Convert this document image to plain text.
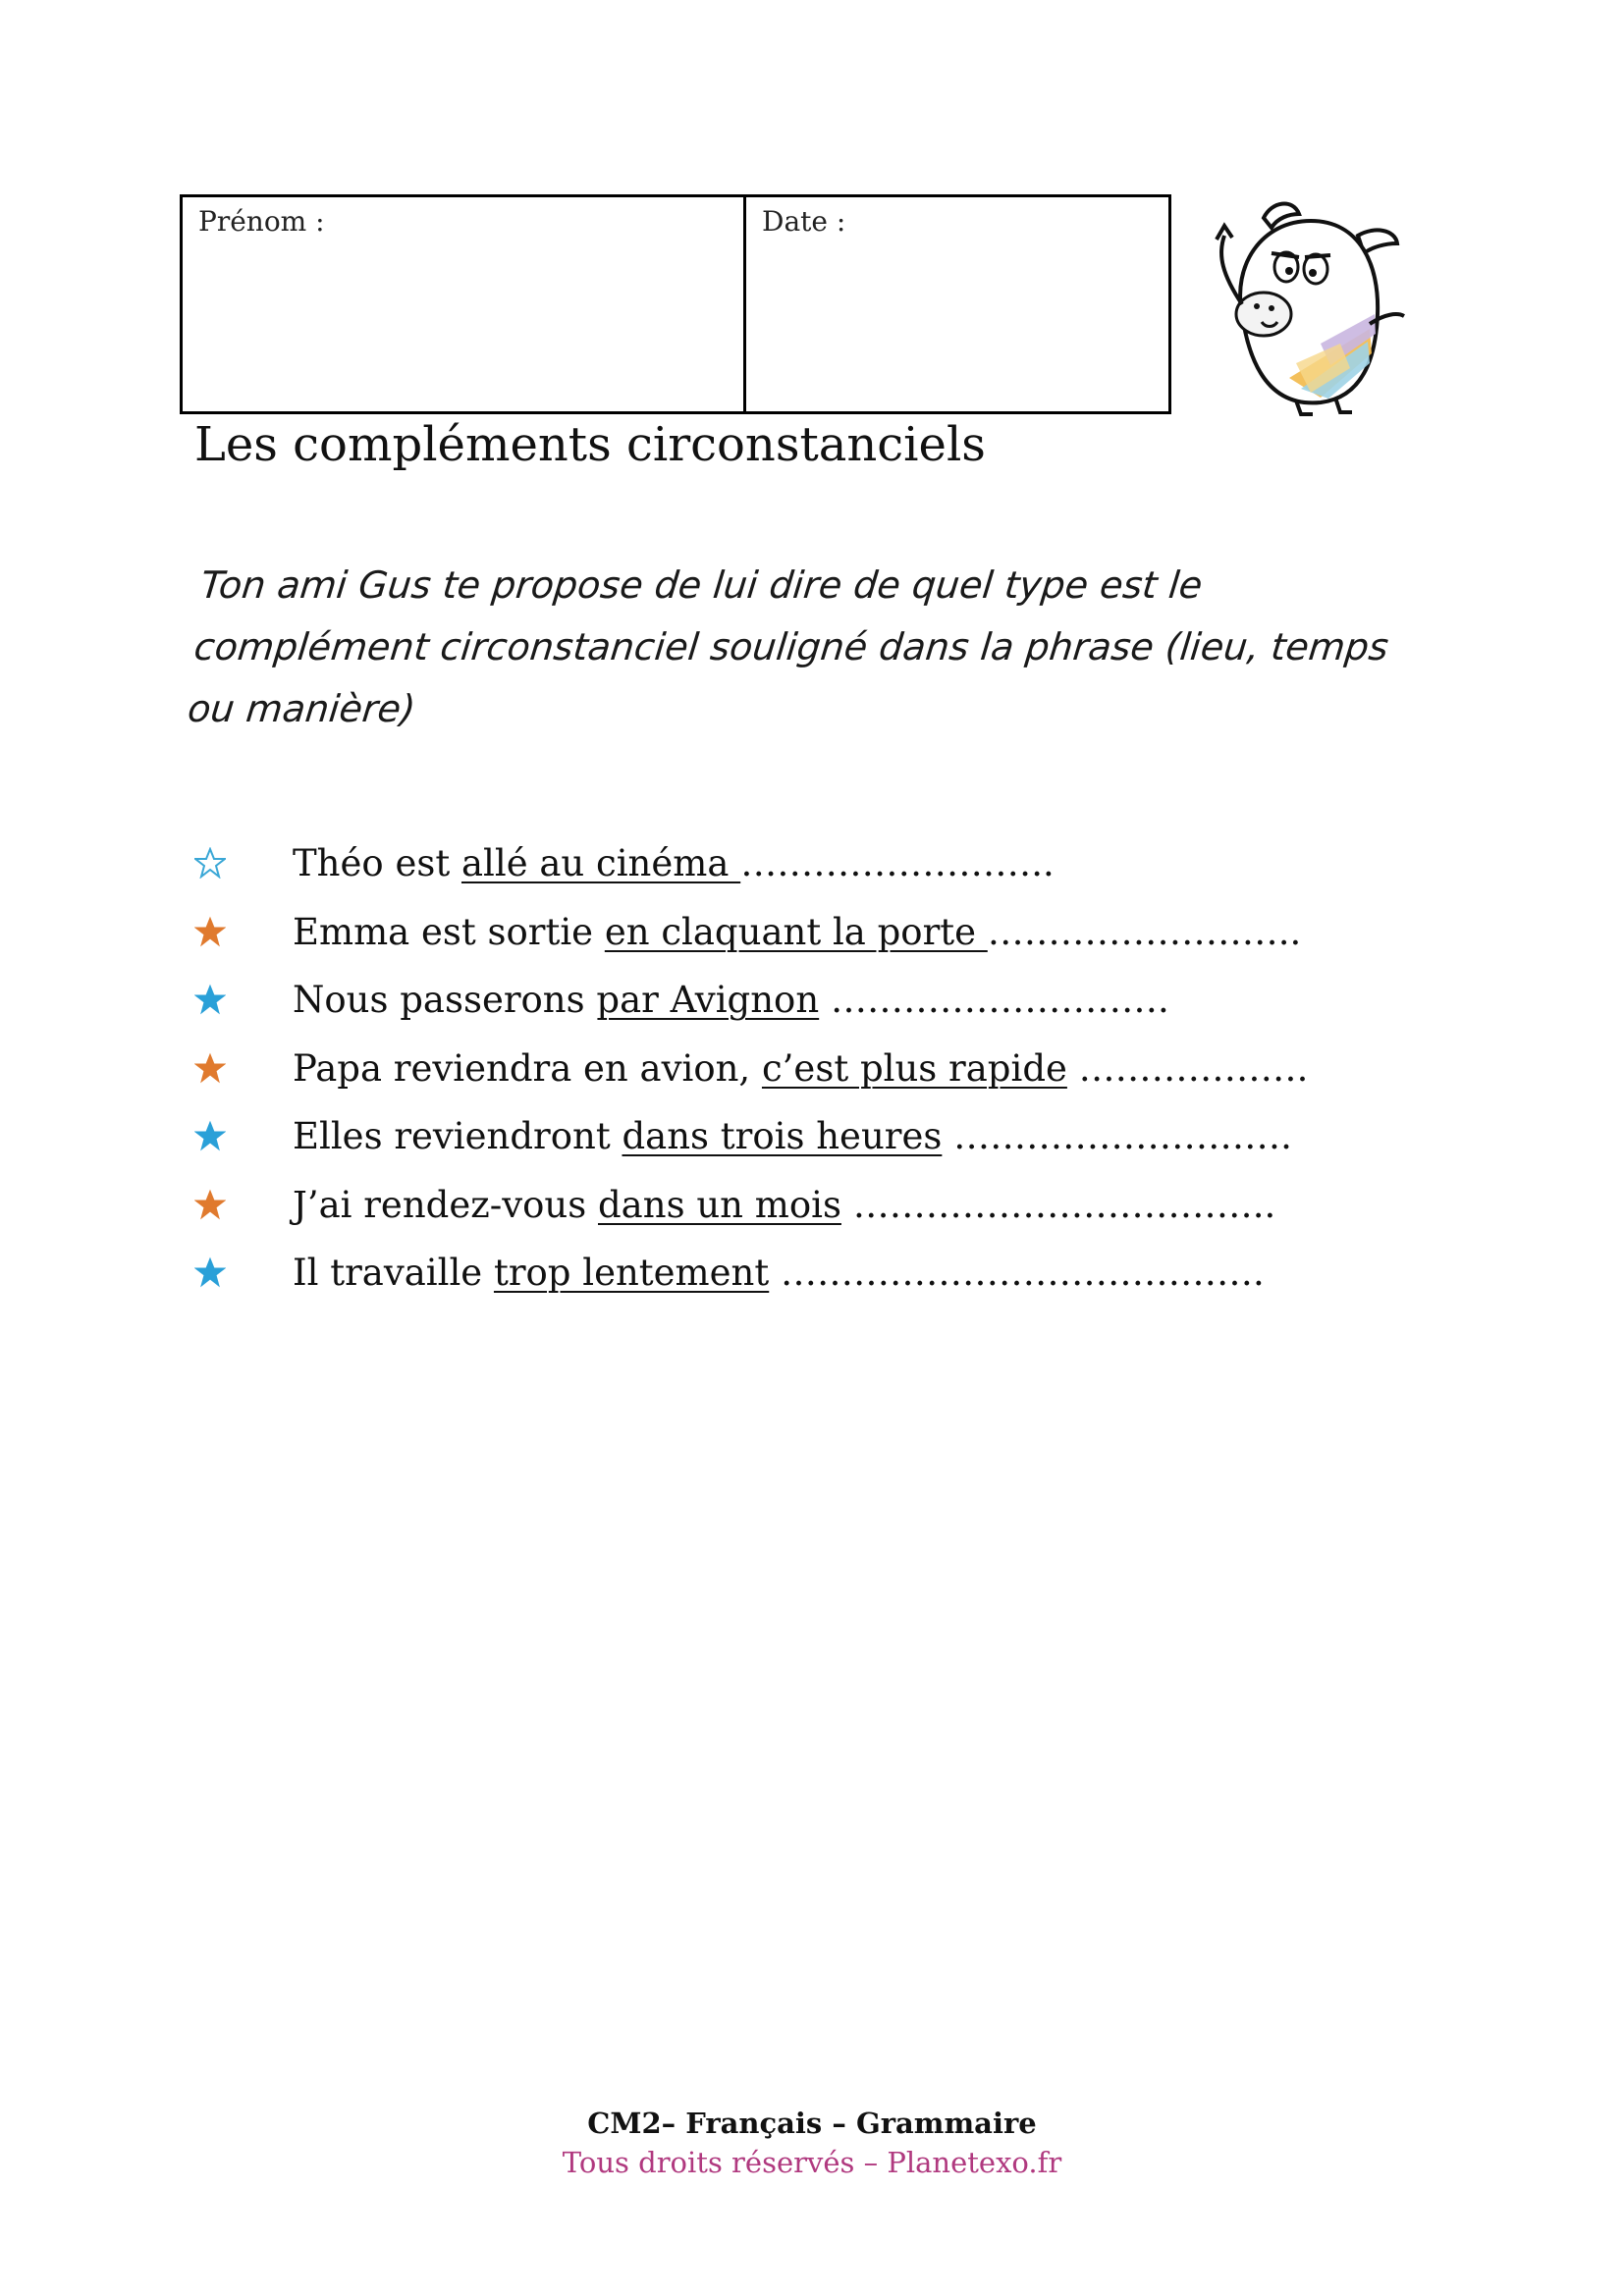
Prénom :	Date :
Les compléments circonstanciels
Ton ami Gus te propose de lui dire de quel type est le complément circonstanciel souligné dans la phrase (lieu, temps ou manière)
Théo est allé au cinéma ……………………..
Emma est sortie en claquant la porte ……………………..
Nous passerons par Avignon ……………………….
Papa reviendra en avion, c’est plus rapide ……………….
Elles reviendront dans trois heures ……………………….
J’ai rendez-vous dans un mois ……………………………..
Il travaille trop lentement ………………………………….
CM2– Français – Grammaire
Tous droits réservés – Planetexo.fr
